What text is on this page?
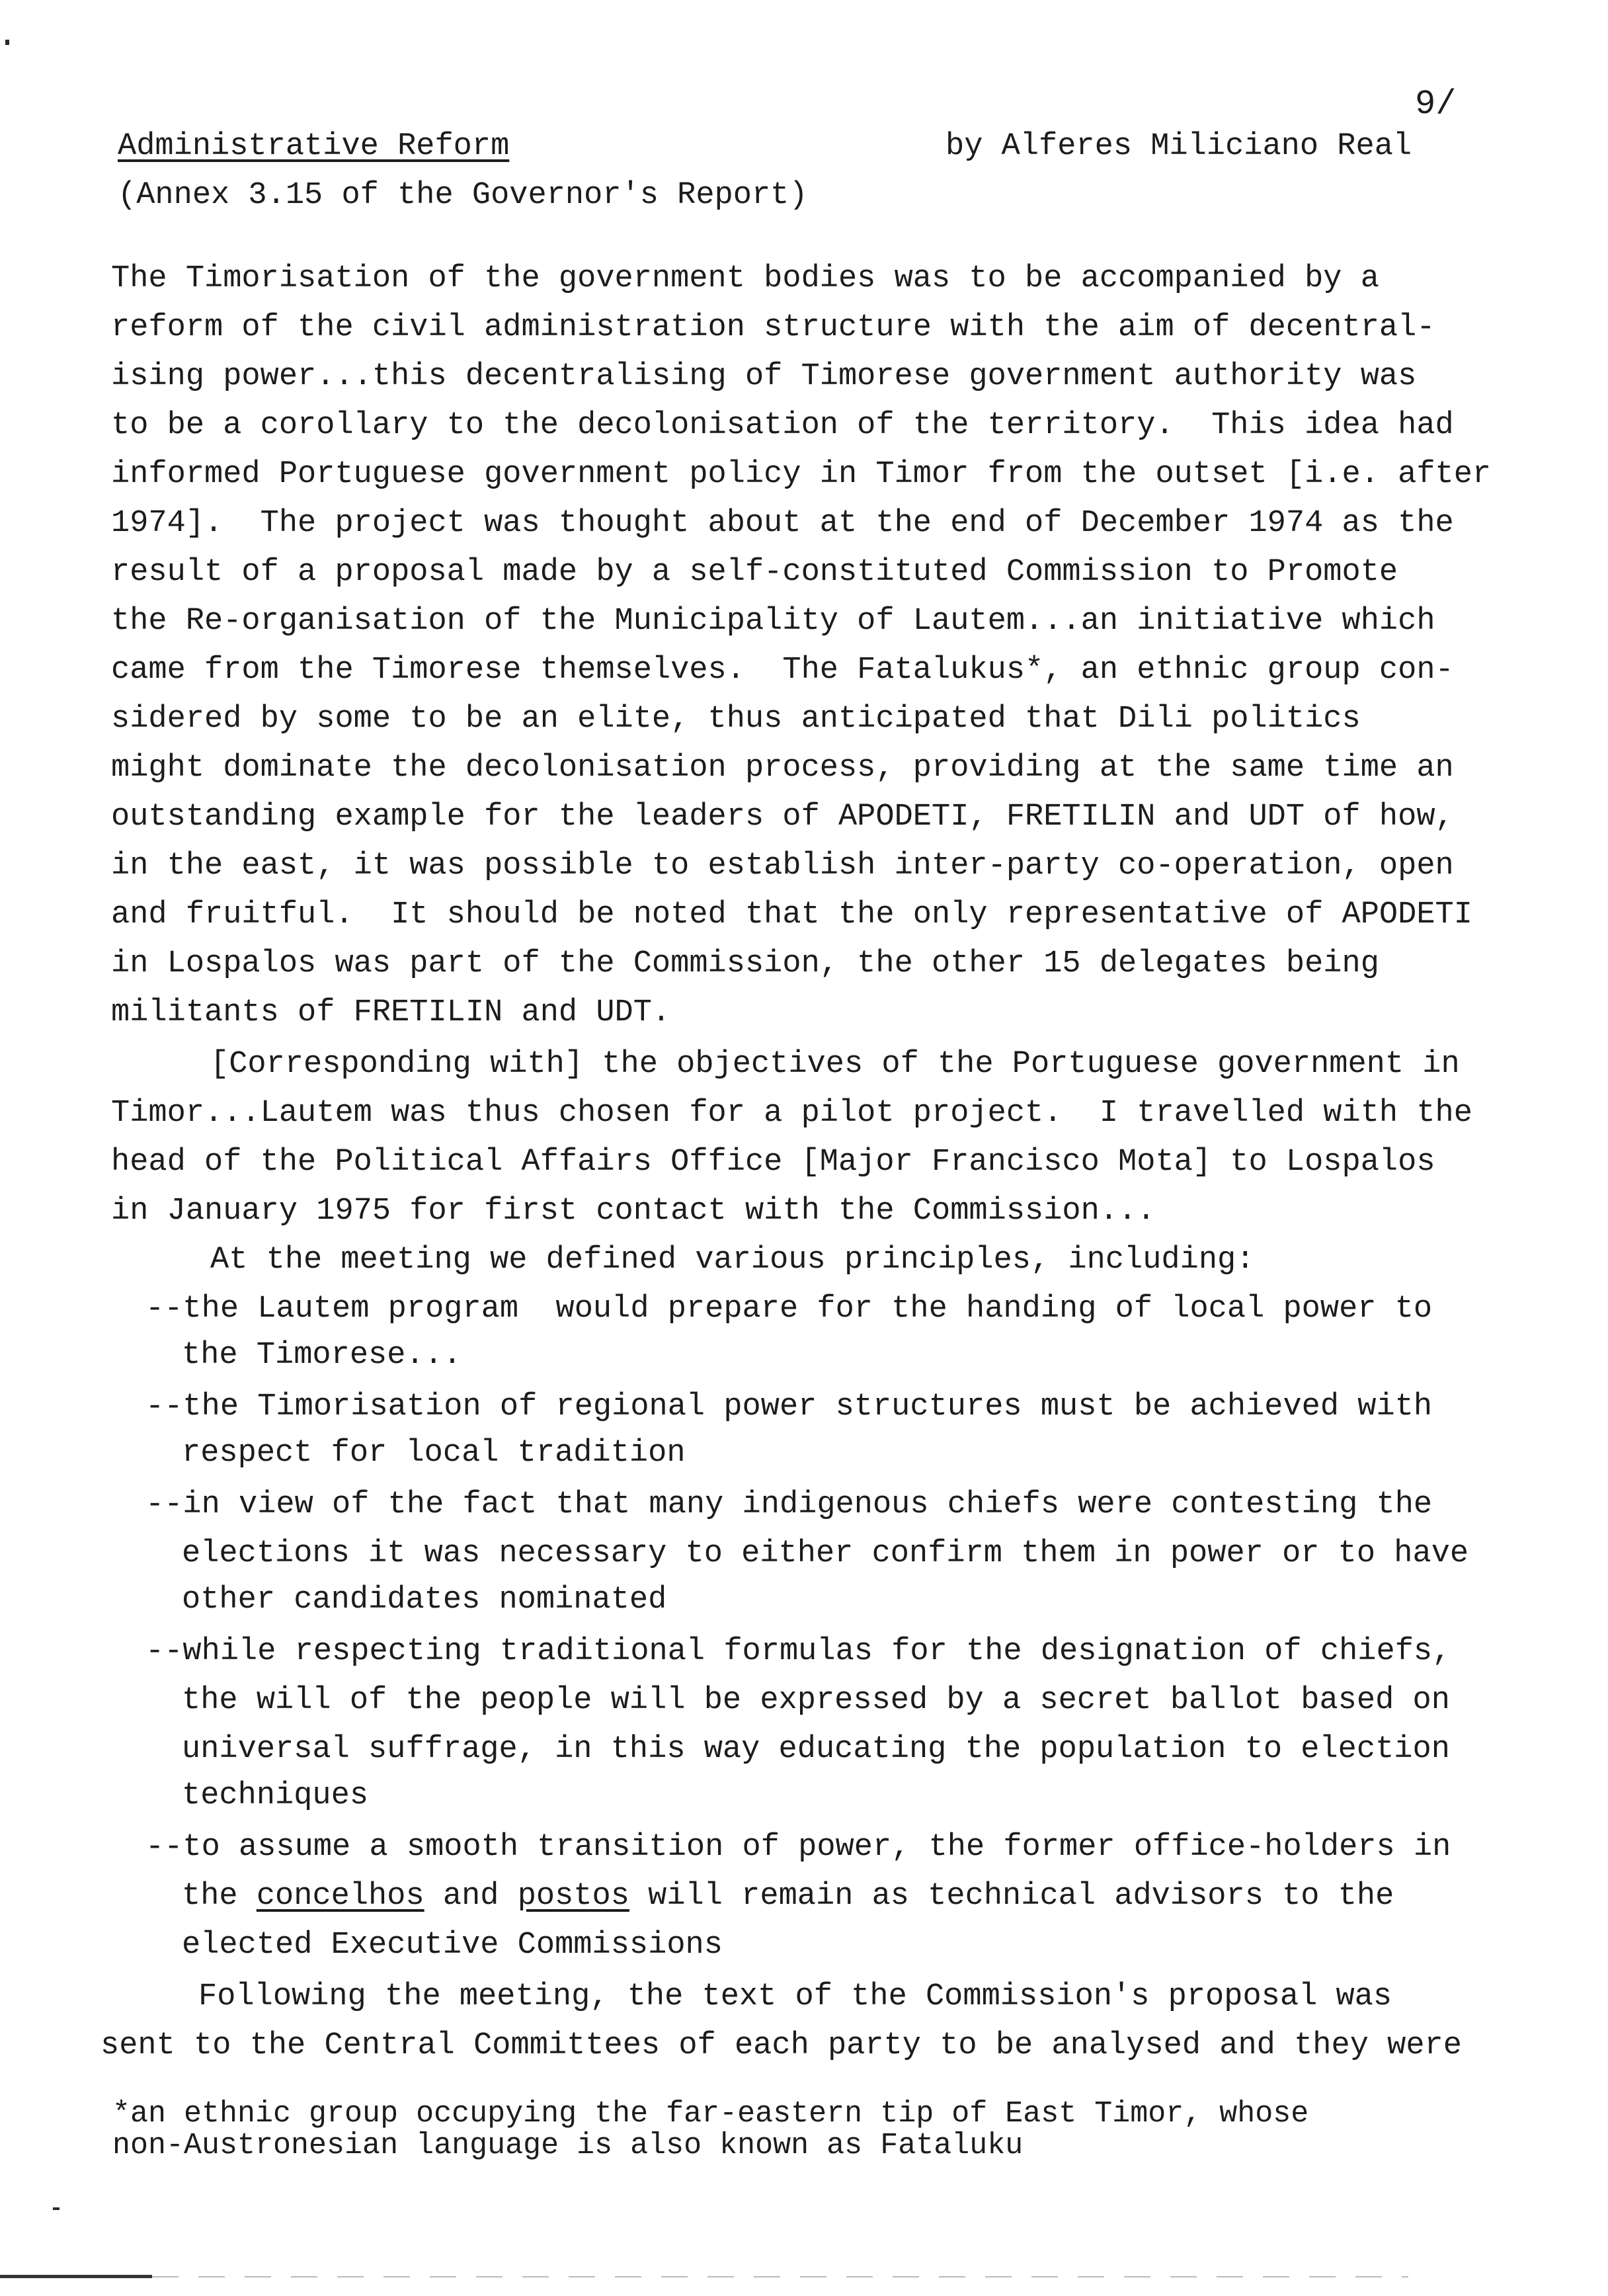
9/
Administrative Reform	by Alferes Miliciano Real
(Annex 3.15 of the Governor's Report)
The Timorisation of the government bodies was to be accompanied by a
reform of the civil administration structure with the aim of decentral-
ising power...this decentralising of Timorese government authority was
to be a corollary to the decolonisation of the territory.  This idea had
informed Portuguese government policy in Timor from the outset [i.e. after
1974].  The project was thought about at the end of December 1974 as the
result of a proposal made by a self-constituted Commission to Promote
the Re-organisation of the Municipality of Lautem...an initiative which
came from the Timorese themselves.  The Fatalukus*, an ethnic group con-
sidered by some to be an elite, thus anticipated that Dili politics
might dominate the decolonisation process, providing at the same time an
outstanding example for the leaders of APODETI, FRETILIN and UDT of how,
in the east, it was possible to establish inter-party co-operation, open
and fruitful.  It should be noted that the only representative of APODETI
in Lospalos was part of the Commission, the other 15 delegates being
militants of FRETILIN and UDT.
[Corresponding with] the objectives of the Portuguese government in
Timor...Lautem was thus chosen for a pilot project.  I travelled with the
head of the Political Affairs Office [Major Francisco Mota] to Lospalos
in January 1975 for first contact with the Commission...
At the meeting we defined various principles, including:
--the Lautem program  would prepare for the handing of local power to
the Timorese...
--the Timorisation of regional power structures must be achieved with
respect for local tradition
--in view of the fact that many indigenous chiefs were contesting the
elections it was necessary to either confirm them in power or to have
other candidates nominated
--while respecting traditional formulas for the designation of chiefs,
the will of the people will be expressed by a secret ballot based on
universal suffrage, in this way educating the population to election
techniques
--to assume a smooth transition of power, the former office-holders in
the concelhos and postos will remain as technical advisors to the
elected Executive Commissions
Following the meeting, the text of the Commission's proposal was
sent to the Central Committees of each party to be analysed and they were
*an ethnic group occupying the far-eastern tip of East Timor, whose
non-Austronesian language is also known as Fataluku
